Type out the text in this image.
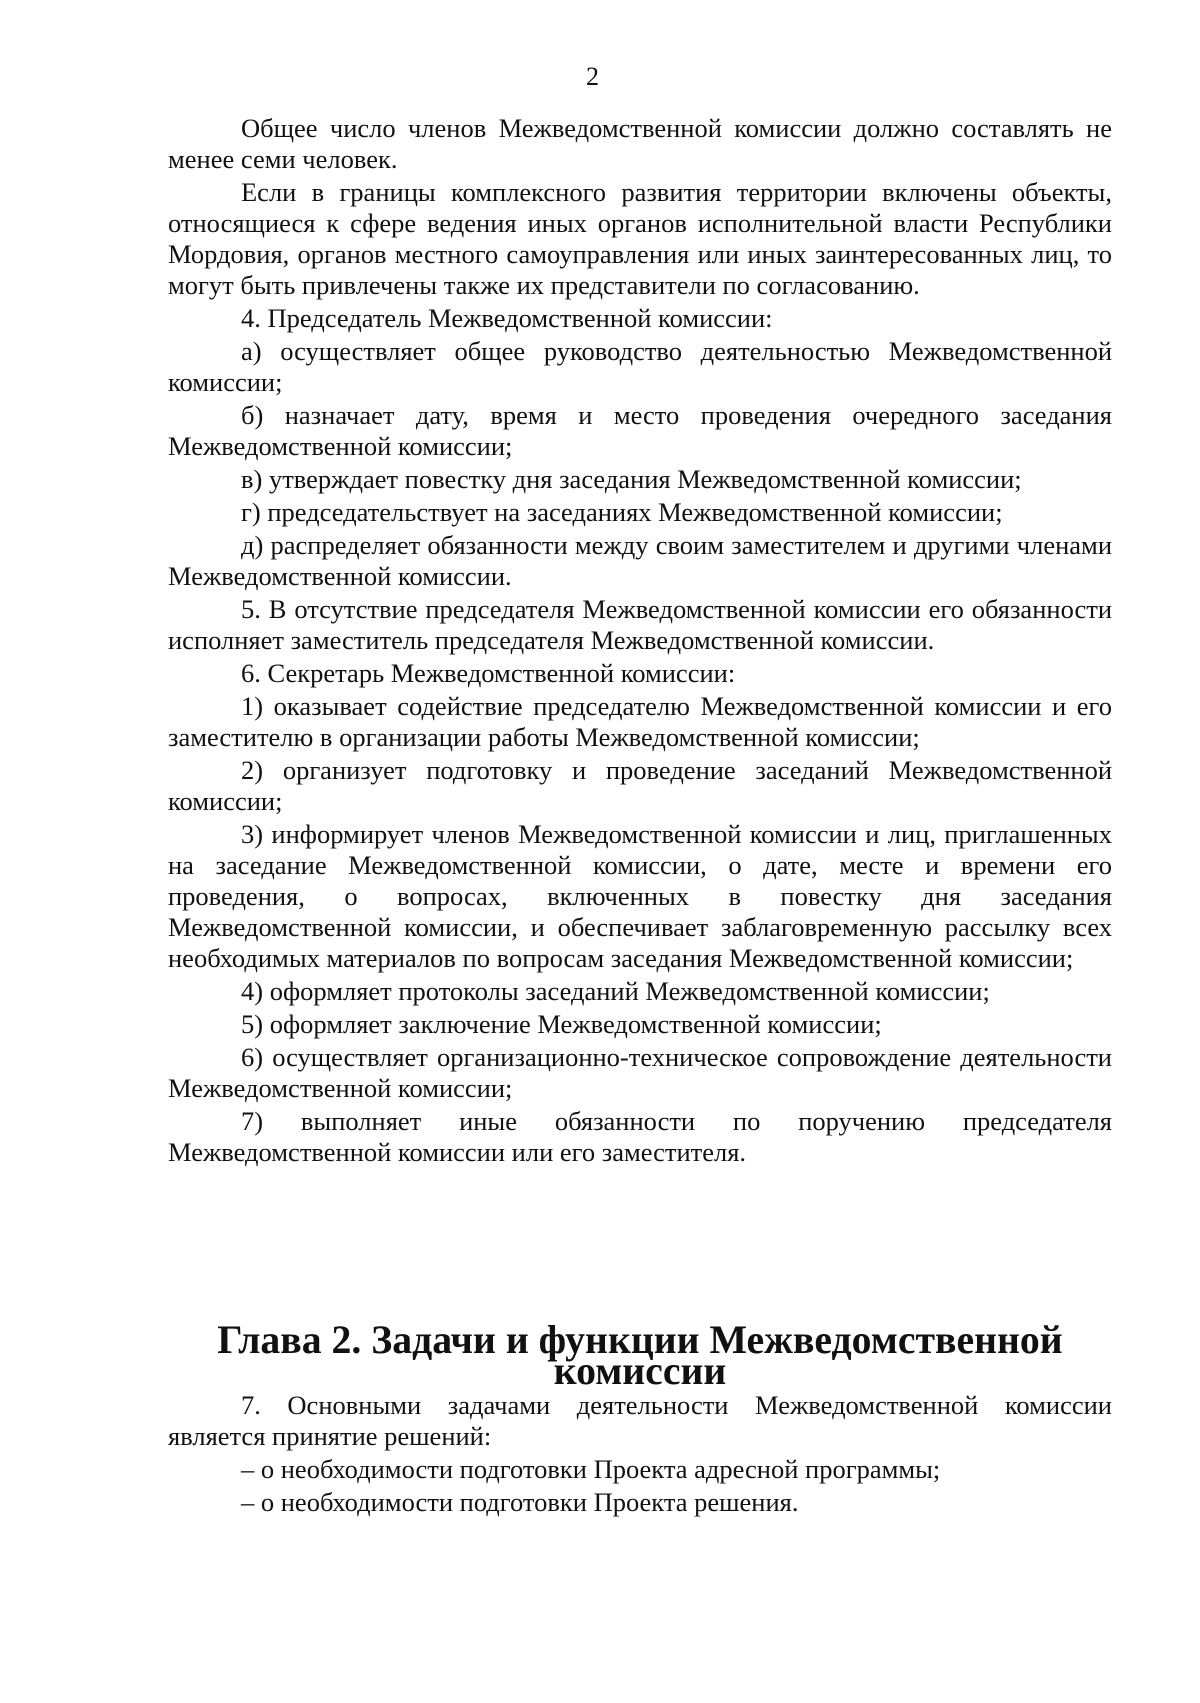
2

Общее число членов Межведомственной комиссии должно составлять не менее семи человек.

Если в границы комплексного развития территории включены объекты, относящиеся к сфере ведения иных органов исполнительной власти Республики Мордовия, органов местного самоуправления или иных заинтересованных лиц, то могут быть привлечены также их представители по согласованию.

4. Председатель Межведомственной комиссии:

а) осуществляет общее руководство деятельностью Межведомственной комиссии;

б) назначает дату, время и место проведения очередного заседания Межведомственной комиссии;

в) утверждает повестку дня заседания Межведомственной комиссии;

г) председательствует на заседаниях Межведомственной комиссии;

д) распределяет обязанности между своим заместителем и другими членами Межведомственной комиссии.

5. В отсутствие председателя Межведомственной комиссии его обязанности исполняет заместитель председателя Межведомственной комиссии.

6. Секретарь Межведомственной комиссии:

1) оказывает содействие председателю Межведомственной комиссии и его заместителю в организации работы Межведомственной комиссии;

2) организует подготовку и проведение заседаний Межведомственной комиссии;

3) информирует членов Межведомственной комиссии и лиц, приглашенных на заседание Межведомственной комиссии, о дате, месте и времени его проведения, о вопросах, включенных в повестку дня заседания Межведомственной комиссии, и обеспечивает заблаговременную рассылку всех необходимых материалов по вопросам заседания Межведомственной комиссии;

4) оформляет протоколы заседаний Межведомственной комиссии;

5) оформляет заключение Межведомственной комиссии;

6) осуществляет организационно-техническое сопровождение деятельности Межведомственной комиссии;

7) выполняет иные обязанности по поручению председателя Межведомственной комиссии или его заместителя.

Глава 2. Задачи и функции Межведомственной комиссии

7. Основными задачами деятельности Межведомственной комиссии является принятие решений:

– о необходимости подготовки Проекта адресной программы;

– о необходимости подготовки Проекта решения.
